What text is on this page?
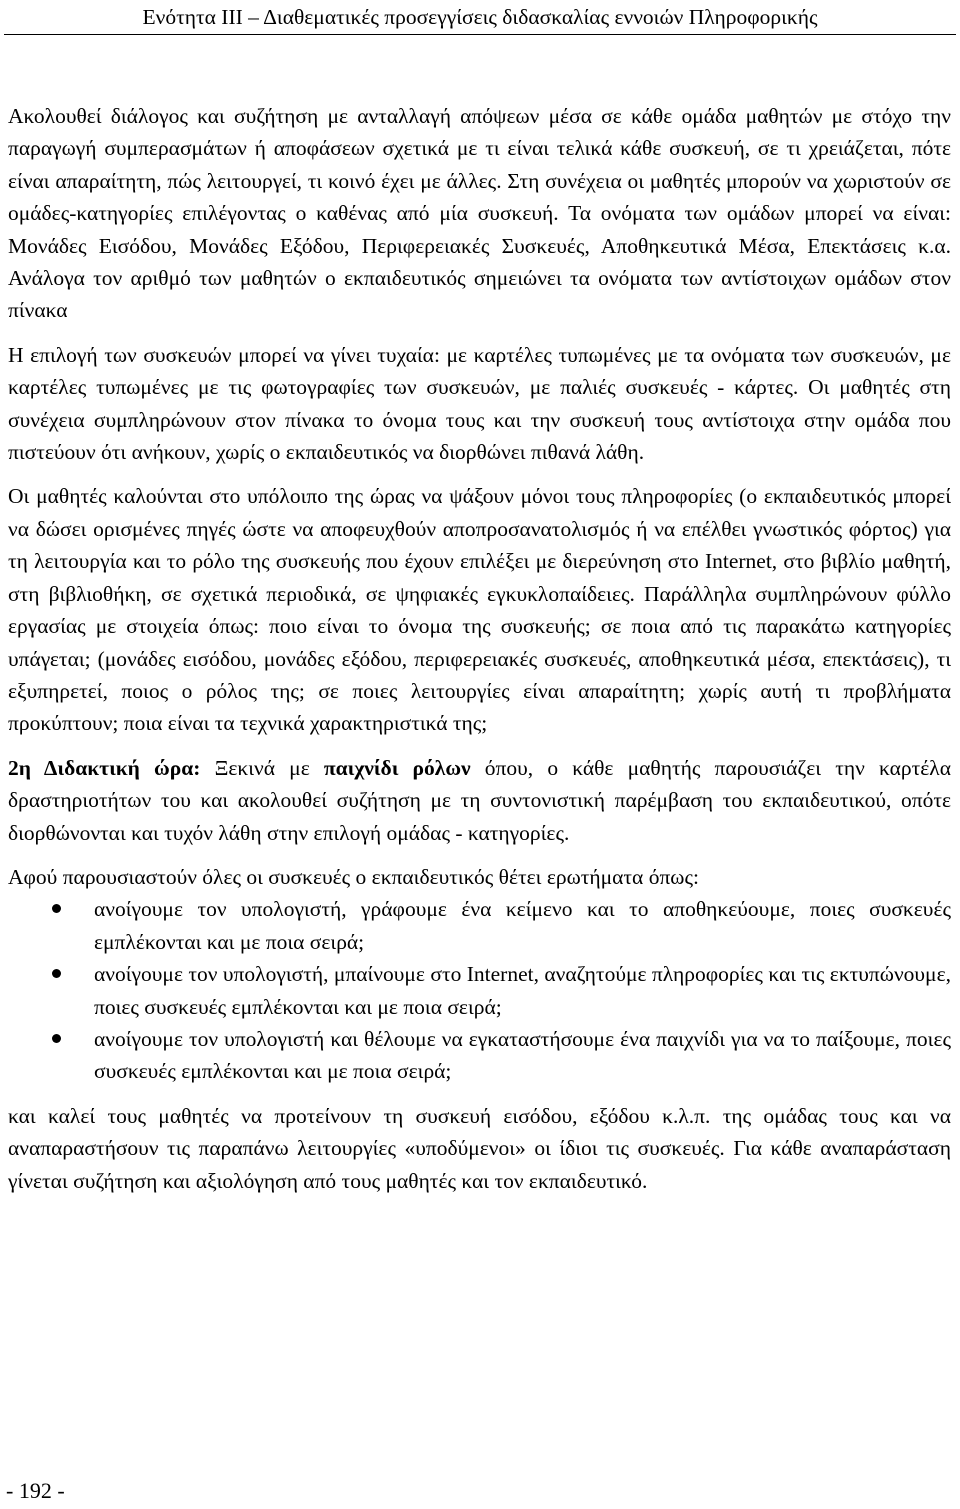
Ενότητα ΙΙΙ – Διαθεματικές προσεγγίσεις διδασκαλίας εννοιών Πληροφορικής

Ακολουθεί διάλογος και συζήτηση με ανταλλαγή απόψεων μέσα σε κάθε ομάδα μαθητών με στόχο την παραγωγή συμπερασμάτων ή αποφάσεων σχετικά με τι είναι τελικά κάθε συσκευή, σε τι χρειάζεται, πότε είναι απαραίτητη, πώς λειτουργεί, τι κοινό έχει με άλλες. Στη συνέχεια οι μαθητές μπορούν να χωριστούν σε ομάδες-κατηγορίες επιλέγοντας ο καθένας από μία συσκευή. Τα ονόματα των ομάδων μπορεί να είναι: Μονάδες Εισόδου, Μονάδες Εξόδου, Περιφερειακές Συσκευές, Αποθηκευτικά Μέσα, Επεκτάσεις κ.α. Ανάλογα τον αριθμό των μαθητών ο εκπαιδευτικός σημειώνει τα ονόματα των αντίστοιχων ομάδων στον πίνακα

Η επιλογή των συσκευών μπορεί να γίνει τυχαία: με καρτέλες τυπωμένες με τα ονόματα των συσκευών, με καρτέλες τυπωμένες με τις φωτογραφίες των συσκευών, με παλιές συσκευές - κάρτες. Οι μαθητές στη συνέχεια συμπληρώνουν στον πίνακα το όνομα τους και την συσκευή τους αντίστοιχα στην ομάδα που πιστεύουν ότι ανήκουν, χωρίς ο εκπαιδευτικός να διορθώνει πιθανά λάθη.

Οι μαθητές καλούνται στο υπόλοιπο της ώρας να ψάξουν μόνοι τους πληροφορίες (ο εκπαιδευτικός μπορεί να δώσει ορισμένες πηγές ώστε να αποφευχθούν αποπροσανατολισμός ή να επέλθει γνωστικός φόρτος) για τη λειτουργία και το ρόλο της συσκευής που έχουν επιλέξει με διερεύνηση στο Internet, στο βιβλίο μαθητή, στη βιβλιοθήκη, σε σχετικά περιοδικά, σε ψηφιακές εγκυκλοπαίδειες. Παράλληλα συμπληρώνουν φύλλο εργασίας με στοιχεία όπως: ποιο είναι το όνομα της συσκευής; σε ποια από τις παρακάτω κατηγορίες υπάγεται; (μονάδες εισόδου, μονάδες εξόδου, περιφερειακές συσκευές, αποθηκευτικά μέσα, επεκτάσεις), τι εξυπηρετεί, ποιος ο ρόλος της; σε ποιες λειτουργίες είναι απαραίτητη; χωρίς αυτή τι προβλήματα προκύπτουν; ποια είναι τα τεχνικά χαρακτηριστικά της;

2η Διδακτική ώρα: Ξεκινά με παιχνίδι ρόλων όπου, ο κάθε μαθητής παρουσιάζει την καρτέλα δραστηριοτήτων του και ακολουθεί συζήτηση με τη συντονιστική παρέμβαση του εκπαιδευτικού, οπότε διορθώνονται και τυχόν λάθη στην επιλογή ομάδας - κατηγορίες.

Αφού παρουσιαστούν όλες οι συσκευές ο εκπαιδευτικός θέτει ερωτήματα όπως:

ανοίγουμε τον υπολογιστή, γράφουμε ένα κείμενο και το αποθηκεύουμε, ποιες συσκευές εμπλέκονται και με ποια σειρά;
ανοίγουμε τον υπολογιστή, μπαίνουμε στο Internet, αναζητούμε πληροφορίες και τις εκτυπώνουμε, ποιες συσκευές εμπλέκονται και με ποια σειρά;
ανοίγουμε τον υπολογιστή και θέλουμε να εγκαταστήσουμε ένα παιχνίδι για να το παίξουμε, ποιες συσκευές εμπλέκονται και με ποια σειρά;

και καλεί τους μαθητές να προτείνουν τη συσκευή εισόδου, εξόδου κ.λ.π. της ομάδας τους και να αναπαραστήσουν τις παραπάνω λειτουργίες «υποδύμενοι» οι ίδιοι τις συσκευές. Για κάθε αναπαράσταση γίνεται συζήτηση και αξιολόγηση από τους μαθητές και τον εκπαιδευτικό.

- 192 -
